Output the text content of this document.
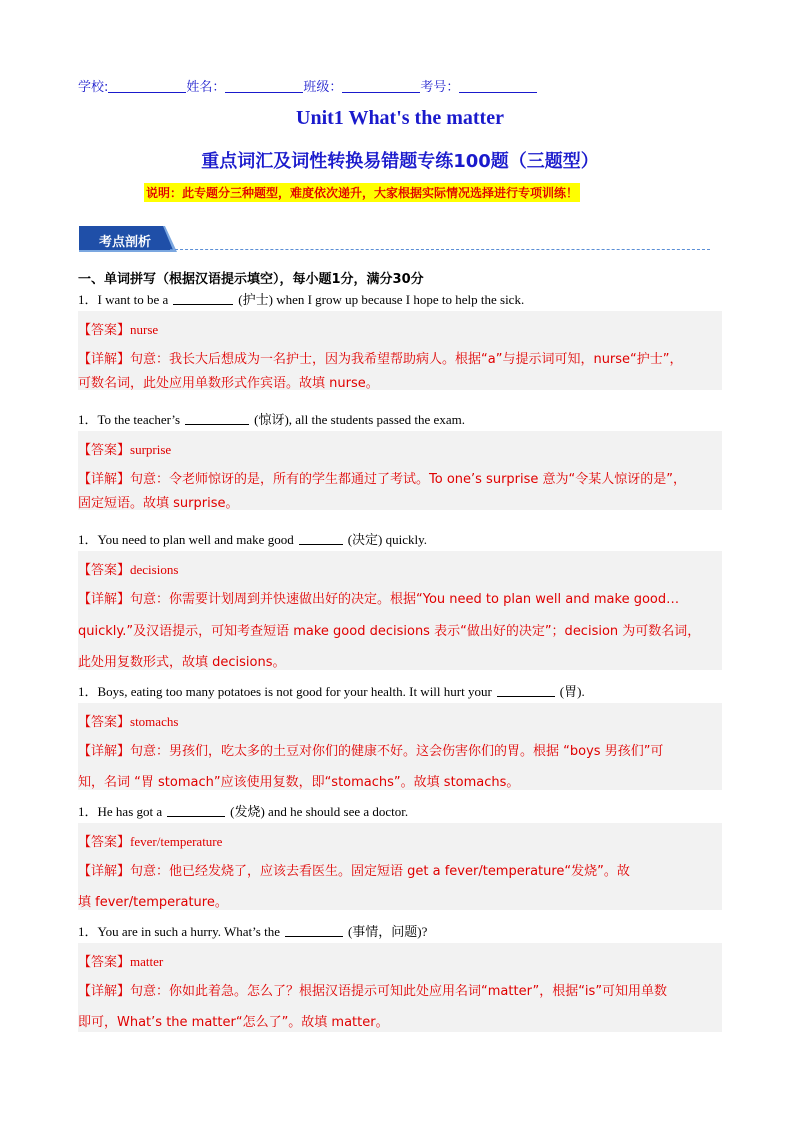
学校:	姓名：	班级：	考号：
Unit1 What's the matter
重点词汇及词性转换易错题专练100题（三题型）
说明：此专题分三种题型，难度依次递升，大家根据实际情况选择进行专项训练！
考点剖析
一、单词拼写（根据汉语提示填空），每小题1分，满分30分
1．I want to be a	(护士) when I grow up because I hope to help the sick.
【答案】nurse
【详解】句意：我长大后想成为一名护士，因为我希望帮助病人。根据“a”与提示词可知，nurse“护士”，
可数名词，此处应用单数形式作宾语。故填 nurse。
1．To the teacher’s	(惊讶), all the students passed the exam.
【答案】surprise
【详解】句意：令老师惊讶的是，所有的学生都通过了考试。To one’s surprise 意为“令某人惊讶的是”，
固定短语。故填 surprise。
1．You need to plan well and make good	(决定) quickly.
【答案】decisions
【详解】句意：你需要计划周到并快速做出好的决定。根据“You need to plan well and make good…
quickly.”及汉语提示，可知考查短语 make good decisions 表示“做出好的决定”；decision 为可数名词，
此处用复数形式，故填 decisions。
1．Boys, eating too many potatoes is not good for your health. It will hurt your	(胃).
【答案】stomachs
【详解】句意：男孩们，吃太多的土豆对你们的健康不好。这会伤害你们的胃。根据 “boys 男孩们”可
知，名词 “胃 stomach”应该使用复数，即“stomachs”。故填 stomachs。
1．He has got a	(发烧) and he should see a doctor.
【答案】fever/temperature
【详解】句意：他已经发烧了，应该去看医生。固定短语 get a fever/temperature“发烧”。故
填 fever/temperature。
1．You are in such a hurry. What’s the	(事情，问题)?
【答案】matter
【详解】句意：你如此着急。怎么了？根据汉语提示可知此处应用名词“matter”，根据“is”可知用单数
即可，What’s the matter“怎么了”。故填 matter。
